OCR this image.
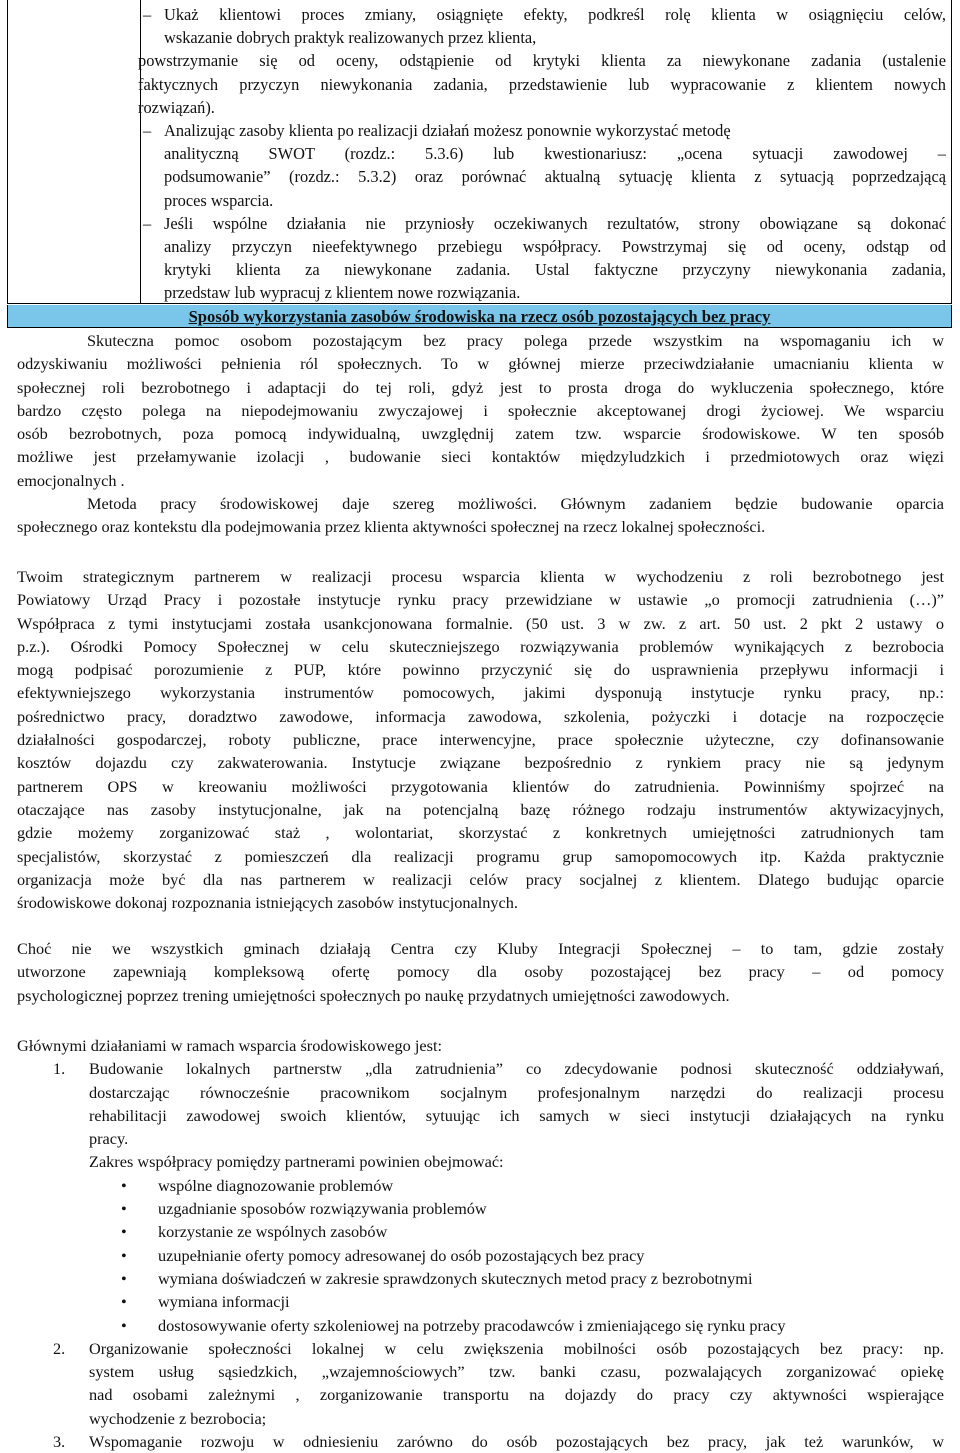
– Ukaż klientowi proces zmiany, osiągnięte efekty, podkreśl rolę klienta w osiągnięciu celów,
wskazanie dobrych praktyk realizowanych przez klienta,
powstrzymanie się od oceny, odstąpienie od krytyki klienta za niewykonane zadania (ustalenie
faktycznych przyczyn niewykonania zadania, przedstawienie lub wypracowanie z klientem nowych
rozwiązań).
– Analizując zasoby klienta po realizacji działań możesz ponownie wykorzystać metodę
analityczną SWOT (rozdz.: 5.3.6) lub kwestionariusz: „ocena sytuacji zawodowej –
podsumowanie” (rozdz.: 5.3.2) oraz porównać aktualną sytuację klienta z sytuacją poprzedzającą
proces wsparcia.
– Jeśli wspólne działania nie przyniosły oczekiwanych rezultatów, strony obowiązane są dokonać
analizy przyczyn nieefektywnego przebiegu współpracy. Powstrzymaj się od oceny, odstąp od
krytyki klienta za niewykonane zadania. Ustal faktyczne przyczyny niewykonania zadania,
przedstaw lub wypracuj z klientem nowe rozwiązania.
Sposób wykorzystania zasobów środowiska na rzecz osób pozostających bez pracy
Skuteczna pomoc osobom pozostającym bez pracy polega przede wszystkim na wspomaganiu ich w
odzyskiwaniu możliwości pełnienia ról społecznych. To w głównej mierze przeciwdziałanie umacnianiu klienta w
społecznej roli bezrobotnego i adaptacji do tej roli, gdyż jest to prosta droga do wykluczenia społecznego, które
bardzo często polega na niepodejmowaniu zwyczajowej i społecznie akceptowanej drogi życiowej. We wsparciu
osób bezrobotnych, poza pomocą indywidualną, uwzględnij zatem tzw. wsparcie środowiskowe. W ten sposób
możliwe jest przełamywanie izolacji , budowanie sieci kontaktów międzyludzkich i przedmiotowych oraz więzi
emocjonalnych .
Metoda pracy środowiskowej daje szereg możliwości. Głównym zadaniem będzie budowanie oparcia
społecznego oraz kontekstu dla podejmowania przez klienta aktywności społecznej na rzecz lokalnej społeczności.
Twoim strategicznym partnerem w realizacji procesu wsparcia klienta w wychodzeniu z roli bezrobotnego jest
Powiatowy Urząd Pracy i pozostałe instytucje rynku pracy przewidziane w ustawie „o promocji zatrudnienia (…)”
Współpraca z tymi instytucjami została usankcjonowana formalnie. (50 ust. 3 w zw. z art. 50 ust. 2 pkt 2 ustawy o
p.z.). Ośrodki Pomocy Społecznej w celu skuteczniejszego rozwiązywania problemów wynikających z bezrobocia
mogą podpisać porozumienie z PUP, które powinno przyczynić się do usprawnienia przepływu informacji i
efektywniejszego wykorzystania instrumentów pomocowych, jakimi dysponują instytucje rynku pracy, np.:
pośrednictwo pracy, doradztwo zawodowe, informacja zawodowa, szkolenia, pożyczki i dotacje na rozpoczęcie
działalności gospodarczej, roboty publiczne, prace interwencyjne, prace społecznie użyteczne, czy dofinansowanie
kosztów dojazdu czy zakwaterowania. Instytucje związane bezpośrednio z rynkiem pracy nie są jedynym
partnerem OPS w kreowaniu możliwości przygotowania klientów do zatrudnienia. Powinniśmy spojrzeć na
otaczające nas zasoby instytucjonalne, jak na potencjalną bazę różnego rodzaju instrumentów aktywizacyjnych,
gdzie możemy zorganizować staż , wolontariat, skorzystać z konkretnych umiejętności zatrudnionych tam
specjalistów, skorzystać z pomieszczeń dla realizacji programu grup samopomocowych itp. Każda praktycznie
organizacja może być dla nas partnerem w realizacji celów pracy socjalnej z klientem. Dlatego budując oparcie
środowiskowe dokonaj rozpoznania istniejących zasobów instytucjonalnych.
Choć nie we wszystkich gminach działają Centra czy Kluby Integracji Społecznej – to tam, gdzie zostały
utworzone zapewniają kompleksową ofertę pomocy dla osoby pozostającej bez pracy – od pomocy
psychologicznej poprzez trening umiejętności społecznych po naukę przydatnych umiejętności zawodowych.
Głównymi działaniami w ramach wsparcia środowiskowego jest:
1. Budowanie lokalnych partnerstw „dla zatrudnienia” co zdecydowanie podnosi skuteczność oddziaływań,
dostarczając równocześnie pracownikom socjalnym profesjonalnym narzędzi do realizacji procesu
rehabilitacji zawodowej swoich klientów, sytuując ich samych w sieci instytucji działających na rynku
pracy.
Zakres współpracy pomiędzy partnerami powinien obejmować:
• wspólne diagnozowanie problemów
• uzgadnianie sposobów rozwiązywania problemów
• korzystanie ze wspólnych zasobów
• uzupełnianie oferty pomocy adresowanej do osób pozostających bez pracy
• wymiana doświadczeń w zakresie sprawdzonych skutecznych metod pracy z bezrobotnymi
• wymiana informacji
• dostosowywanie oferty szkoleniowej na potrzeby pracodawców i zmieniającego się rynku pracy
2. Organizowanie społeczności lokalnej w celu zwiększenia mobilności osób pozostających bez pracy: np.
system usług sąsiedzkich, „wzajemnościowych” tzw. banki czasu, pozwalających zorganizować opiekę
nad osobami zależnymi , zorganizowanie transportu na dojazdy do pracy czy aktywności wspierające
wychodzenie z bezrobocia;
3. Wspomaganie rozwoju w odniesieniu zarówno do osób pozostających bez pracy, jak też warunków, w
